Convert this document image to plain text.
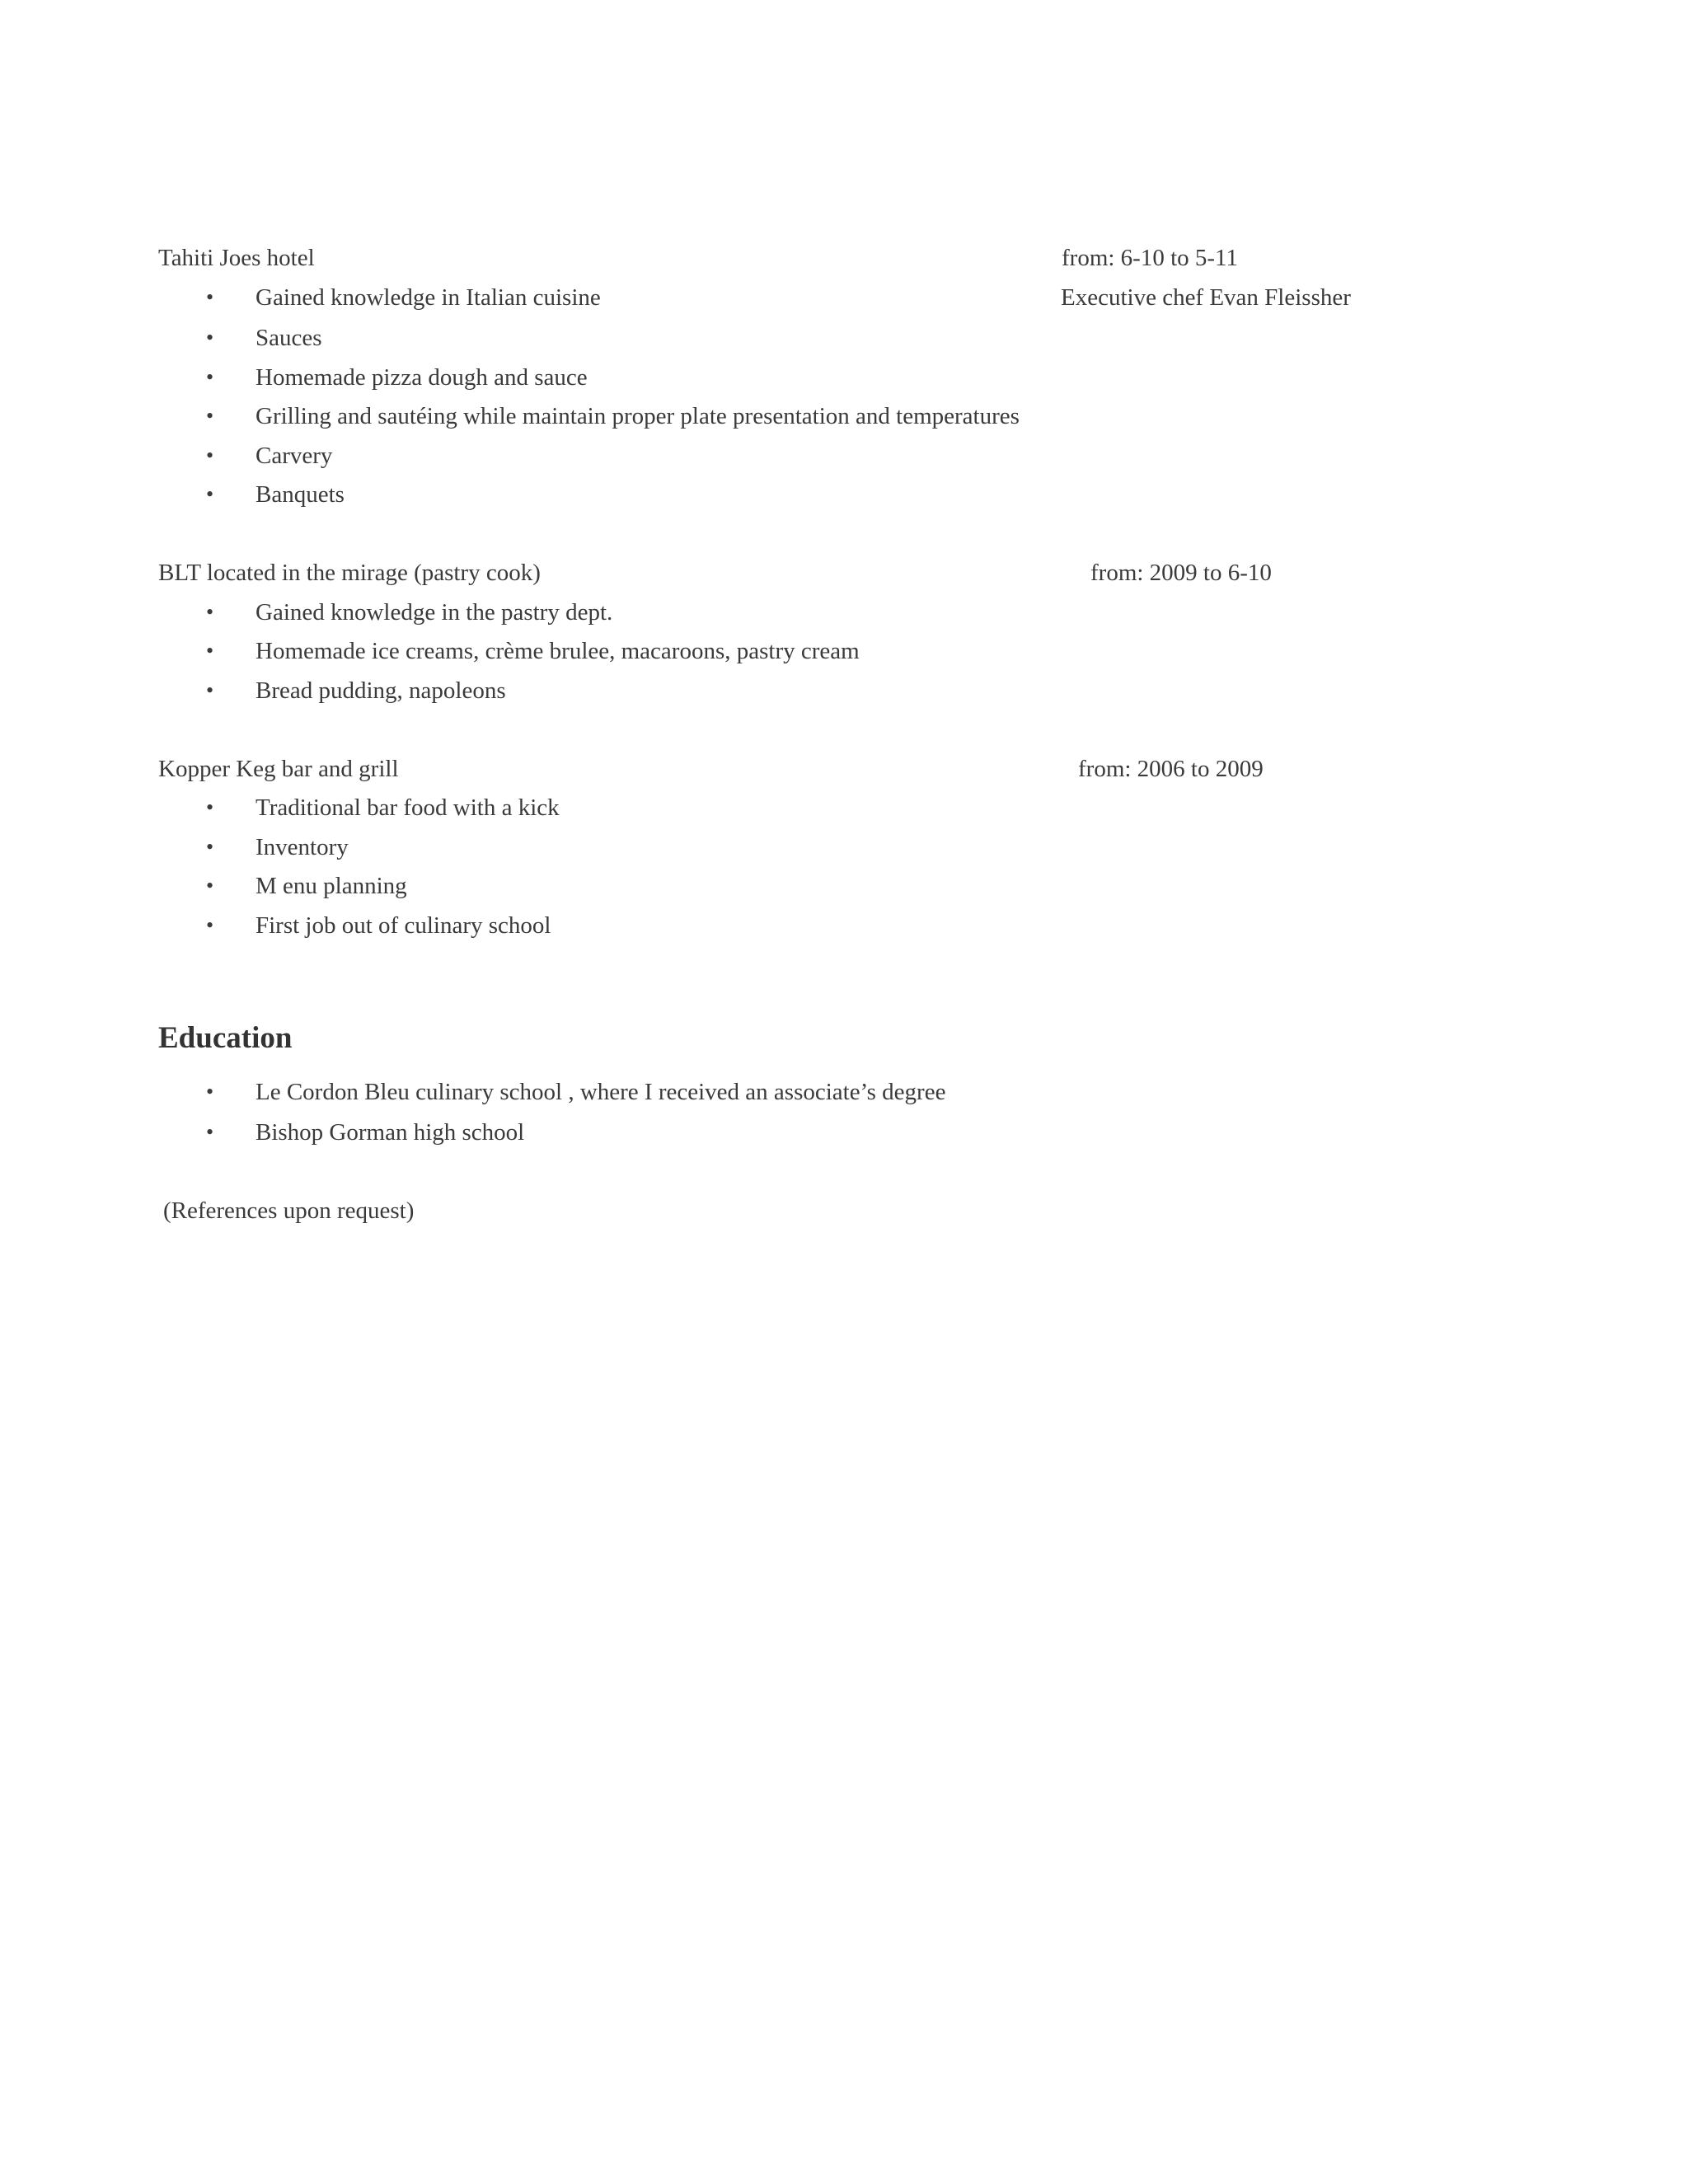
Tahiti Joes hotel	from: 6-10 to 5-11
Executive chef Evan Fleissher
• Gained knowledge in Italian cuisine
• Sauces
• Homemade pizza dough and sauce
• Grilling and sautéing while maintain proper plate presentation and temperatures
• Carvery
• Banquets
BLT located in the mirage (pastry cook)	from: 2009 to 6-10
• Gained knowledge in the pastry dept.
• Homemade ice creams, crème brulee, macaroons, pastry cream
• Bread pudding, napoleons
Kopper Keg bar and grill	from: 2006 to 2009
• Traditional bar food with a kick
• Inventory
• M enu planning
• First job out of culinary school
Education
• Le Cordon Bleu culinary school , where I received an associate’s degree
• Bishop Gorman high school
(References upon request)
